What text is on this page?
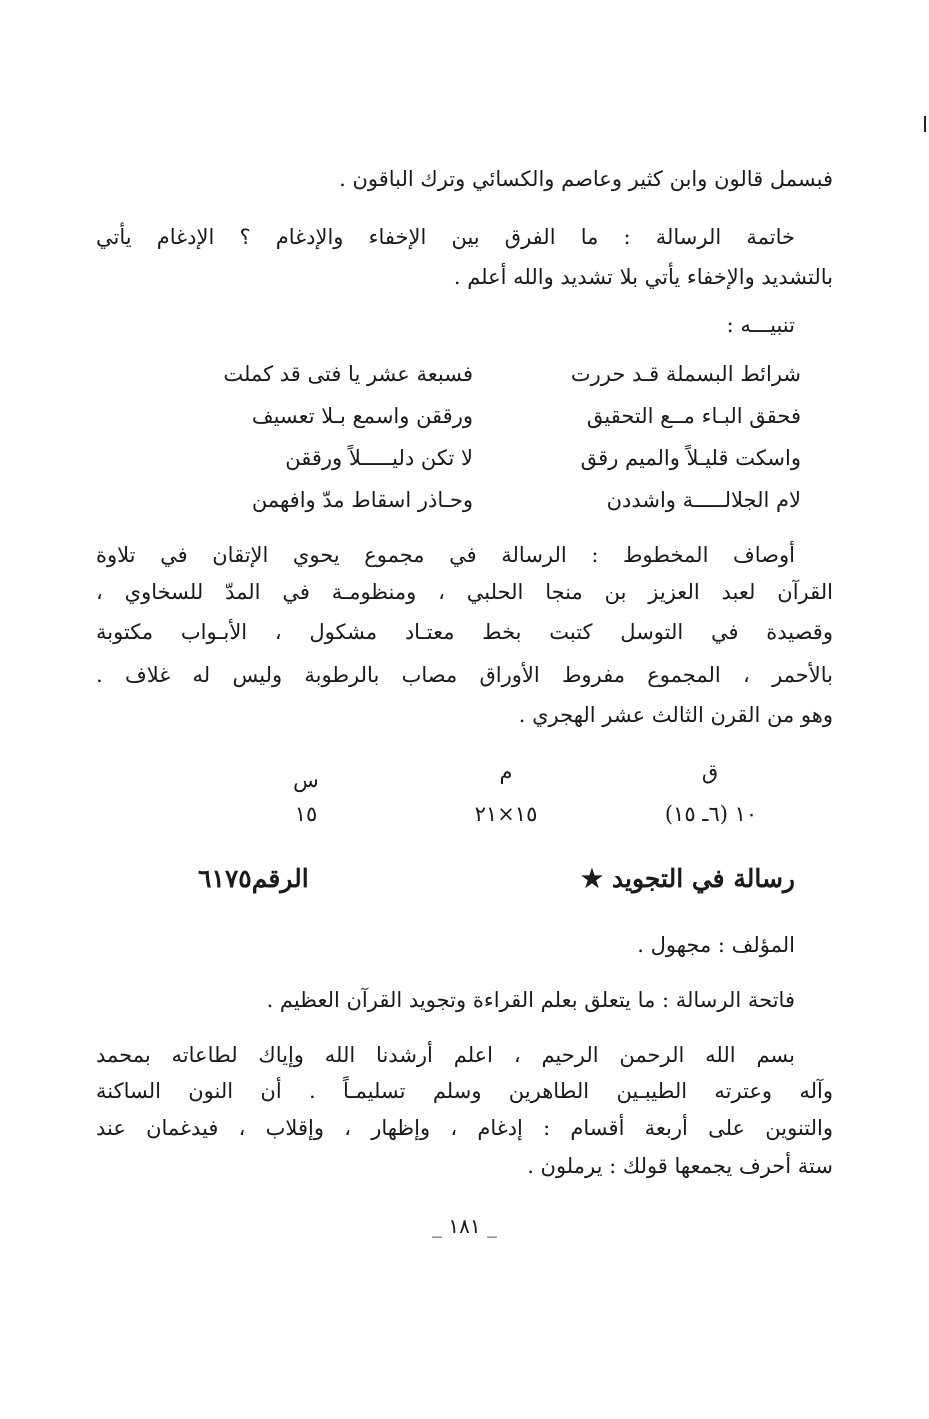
فبسمل قالون وابن كثير وعاصم والكسائي وترك الباقون .
خاتمة الرسالة : ما الفرق بين الإخفاء والإدغام ؟ الإدغام يأتي
بالتشديد والإخفاء يأتي بلا تشديد والله أعلم .
تنبيـــه :
شرائط البسملة قـد حررت
فسبعة عشر يا فتى قد كملت
فحقق البـاء مــع التحقيق
ورققن واسمع بـلا تعسيف
واسكت قليـلاً والميم رقق
لا تكن دليـــــلاً ورققن
لام الجلالـــــة واشددن
وحـاذر اسقاط مدّ وافهمن
أوصاف المخطوط : الرسالة في مجموع يحوي الإتقان في تلاوة
القرآن لعبد العزيز بن منجا الحلبي ، ومنظومـة في المدّ للسخاوي ،
وقصيدة في التوسل كتبت بخط معتـاد مشكول ، الأبـواب مكتوبة
بالأحمر ، المجموع مفروط الأوراق مصاب بالرطوبة وليس له غلاف .
وهو من القرن الثالث عشر الهجري .
ق
م
س
١٠ (٦ـ ١٥)
١٥×٢١
١٥
رسالة في التجويد ★
الرقم٦١٧٥
المؤلف : مجهول .
فاتحة الرسالة : ما يتعلق بعلم القراءة وتجويد القرآن العظيم .
بسم الله الرحمن الرحيم ، اعلم أرشدنا الله وإياك لطاعاته بمحمد
وآله وعترته الطيبـين الطاهرين وسلم تسليمـاً . أن النون الساكنة
والتنوين على أربعة أقسام : إدغام ، وإظهار ، وإقلاب ، فيدغمان عند
ستة أحرف يجمعها قولك : يرملون .
_ ١٨١ _
